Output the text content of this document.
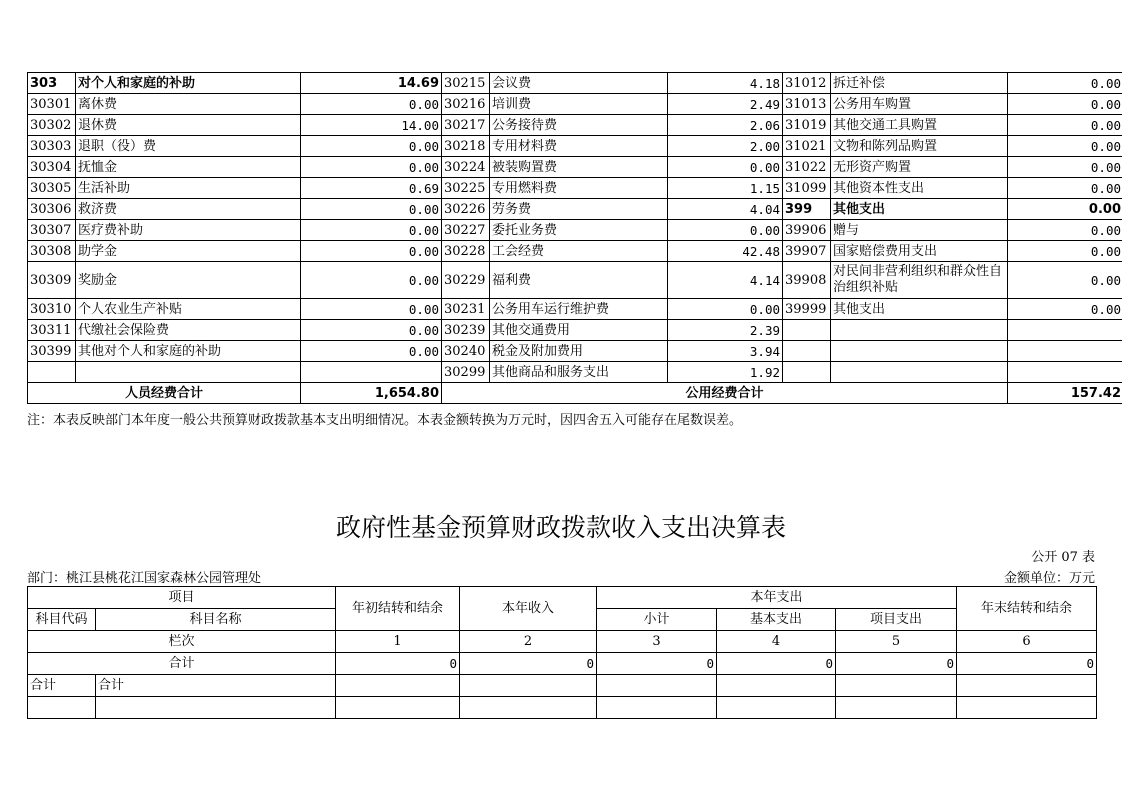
303	对个人和家庭的补助	14.69	30215	会议费	4.18	31012	拆迁补偿	0.00
30301	离休费	0.00	30216	培训费	2.49	31013	公务用车购置	0.00
30302	退休费	14.00	30217	公务接待费	2.06	31019	其他交通工具购置	0.00
30303	退职（役）费	0.00	30218	专用材料费	2.00	31021	文物和陈列品购置	0.00
30304	抚恤金	0.00	30224	被装购置费	0.00	31022	无形资产购置	0.00
30305	生活补助	0.69	30225	专用燃料费	1.15	31099	其他资本性支出	0.00
30306	救济费	0.00	30226	劳务费	4.04	399	其他支出	0.00
30307	医疗费补助	0.00	30227	委托业务费	0.00	39906	赠与	0.00
30308	助学金	0.00	30228	工会经费	42.48	39907	国家赔偿费用支出	0.00
30309	奖励金	0.00	30229	福利费	4.14	39908	对民间非营利组织和群众性自治组织补贴	0.00
30310	个人农业生产补贴	0.00	30231	公务用车运行维护费	0.00	39999	其他支出	0.00
30311	代缴社会保险费	0.00	30239	其他交通费用	2.39			
30399	其他对个人和家庭的补助	0.00	30240	税金及附加费用	3.94			
			30299	其他商品和服务支出	1.92			
人员经费合计		1,654.80	公用经费合计					157.42
注：本表反映部门本年度一般公共预算财政拨款基本支出明细情况。本表金额转换为万元时，因四舍五入可能存在尾数误差。
政府性基金预算财政拨款收入支出决算表
公开 07 表
部门：桃江县桃花江国家森林公园管理处	金额单位：万元
项目		年初结转和结余	本年收入	本年支出			年末结转和结余
科目代码	科目名称			小计	基本支出	项目支出	
栏次		1	2	3	4	5	6
合计		0	0	0	0	0	0
合计	合计						
